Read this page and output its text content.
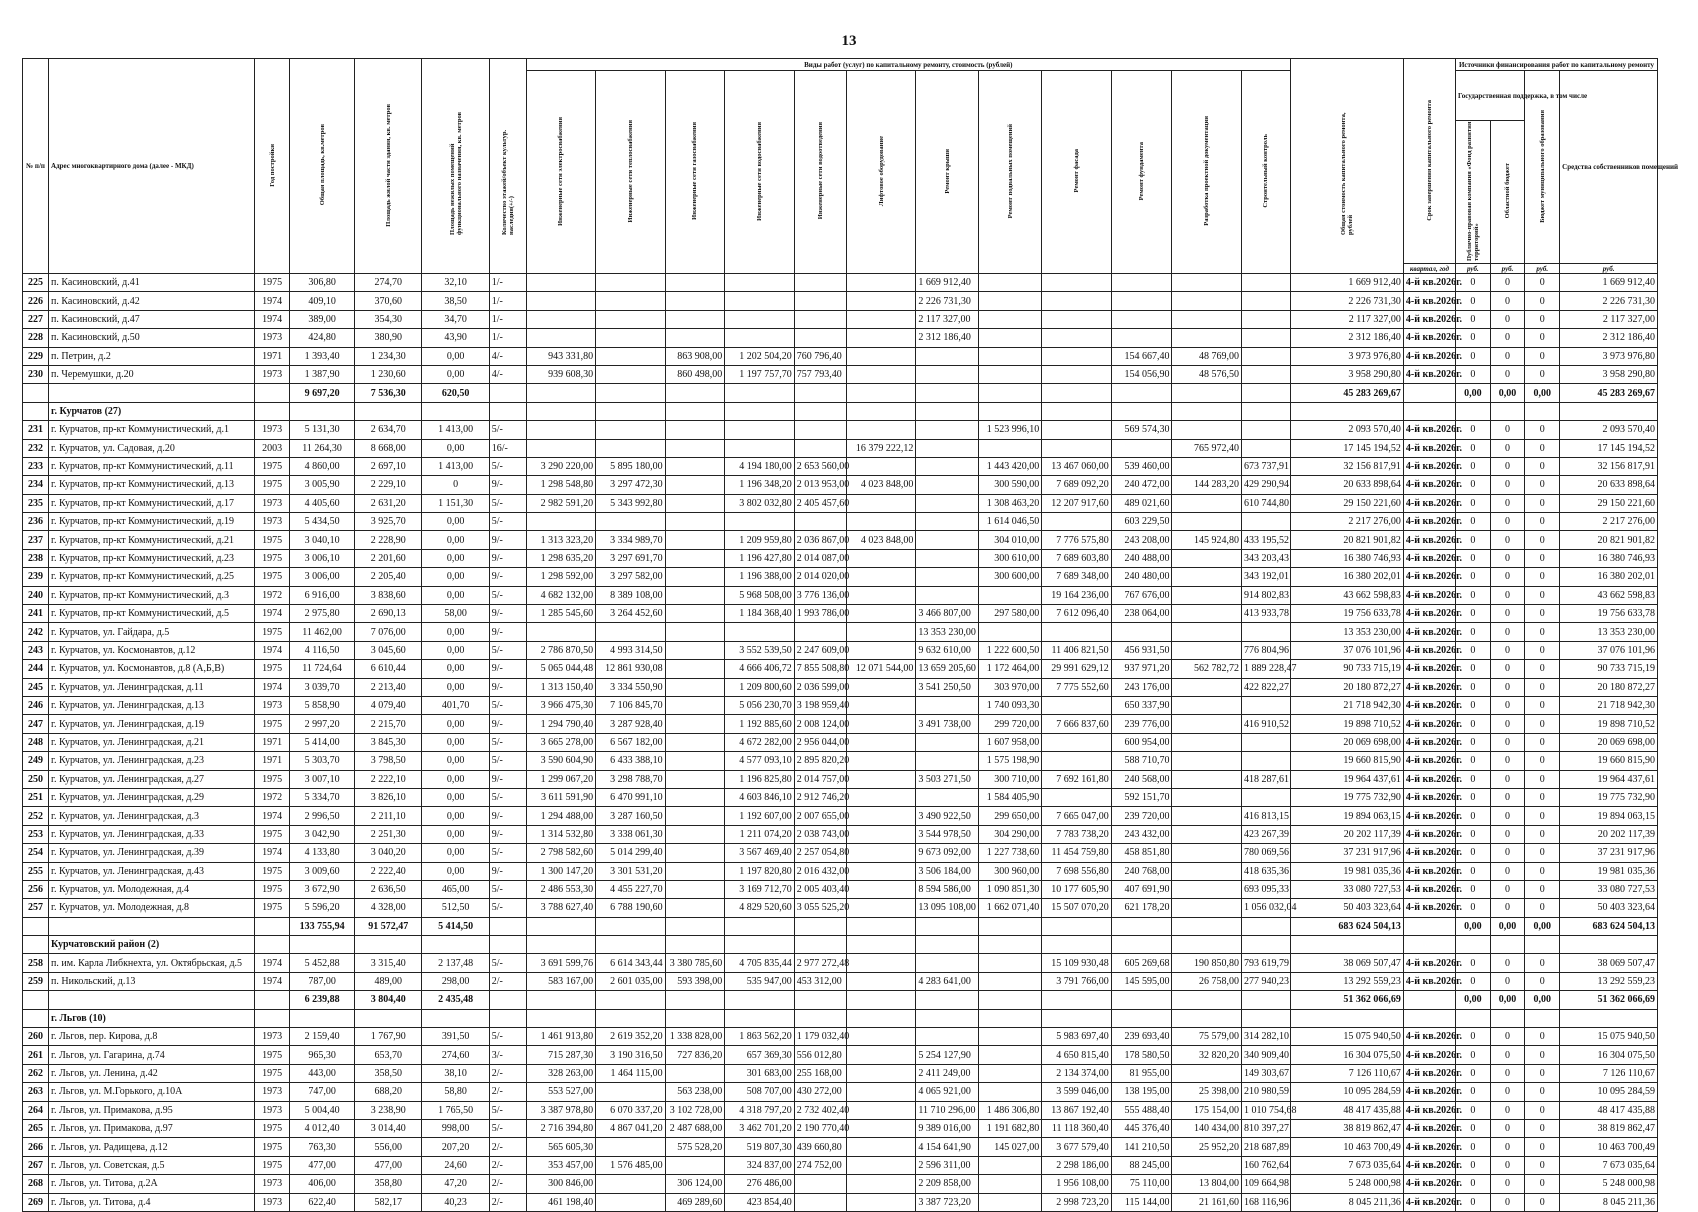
13
№ п/п	Адрес многоквартирного дома (далее - МКД)	Год постройки	Общая площадь, кв.метров	Площадь жилой части здания, кв. метров	Площадь нежилых помещений функционального назначения, кв. метров	Количество этажей/объект культур. наследия(+/-)	Виды работ (услуг) по капитальному ремонту, стоимость (рублей)												Общая стоимость капитального ремонта, рублей	Срок завершения капитального ремонта	Источники финансирования работ по капитальному ремонту			
							Инженерные сети электроснабжения	Инженерные сети теплоснабжения	Инженерные сети газоснабжения	Инженерные сети водоснабжения	Инженерные сети водоотведения	Лифтовое оборудование	Ремонт крыши	Ремонт подвальных помещений	Ремонт фасада	Ремонт фундамента	Разработка проектной документации	Строительный контроль			Государственная поддержка, в том числе		Бюджет муниципального образования	Средства собственников помещений
																					Публично-правовая компания «Фонд развития территорий»	Областной бюджет		
																				квартал, год	руб.	руб.	руб.	руб.
225	п. Касиновский, д.41	1975	306,80	274,70	32,10	1/-							1 669 912,40						1 669 912,40	4-й кв.2026г.	0	0	0	1 669 912,40
226	п. Касиновский, д.42	1974	409,10	370,60	38,50	1/-							2 226 731,30						2 226 731,30	4-й кв.2026г.	0	0	0	2 226 731,30
227	п. Касиновский, д.47	1974	389,00	354,30	34,70	1/-							2 117 327,00						2 117 327,00	4-й кв.2026г.	0	0	0	2 117 327,00
228	п. Касиновский, д.50	1973	424,80	380,90	43,90	1/-							2 312 186,40						2 312 186,40	4-й кв.2026г.	0	0	0	2 312 186,40
229	п. Петрин, д.2	1971	1 393,40	1 234,30	0,00	4/-	943 331,80		863 908,00	1 202 504,20	760 796,40					154 667,40	48 769,00		3 973 976,80	4-й кв.2026г.	0	0	0	3 973 976,80
230	п. Черемушки, д.20	1973	1 387,90	1 230,60	0,00	4/-	939 608,30		860 498,00	1 197 757,70	757 793,40					154 056,90	48 576,50		3 958 290,80	4-й кв.2026г.	0	0	0	3 958 290,80
			9 697,20	7 536,30	620,50														45 283 269,67		0,00	0,00	0,00	45 283 269,67
	г. Курчатов (27)																							
231	г. Курчатов, пр-кт Коммунистический, д.1	1973	5 131,30	2 634,70	1 413,00	5/-								1 523 996,10		569 574,30			2 093 570,40	4-й кв.2026г.	0	0	0	2 093 570,40
232	г. Курчатов, ул. Садовая, д.20	2003	11 264,30	8 668,00	0,00	16/-						16 379 222,12					765 972,40		17 145 194,52	4-й кв.2026г.	0	0	0	17 145 194,52
233	г. Курчатов, пр-кт Коммунистический, д.11	1975	4 860,00	2 697,10	1 413,00	5/-	3 290 220,00	5 895 180,00		4 194 180,00	2 653 560,00			1 443 420,00	13 467 060,00	539 460,00		673 737,91	32 156 817,91	4-й кв.2026г.	0	0	0	32 156 817,91
234	г. Курчатов, пр-кт Коммунистический, д.13	1975	3 005,90	2 229,10	0	9/-	1 298 548,80	3 297 472,30		1 196 348,20	2 013 953,00	4 023 848,00		300 590,00	7 689 092,20	240 472,00	144 283,20	429 290,94	20 633 898,64	4-й кв.2026г.	0	0	0	20 633 898,64
235	г. Курчатов, пр-кт Коммунистический, д.17	1973	4 405,60	2 631,20	1 151,30	5/-	2 982 591,20	5 343 992,80		3 802 032,80	2 405 457,60			1 308 463,20	12 207 917,60	489 021,60		610 744,80	29 150 221,60	4-й кв.2026г.	0	0	0	29 150 221,60
236	г. Курчатов, пр-кт Коммунистический, д.19	1973	5 434,50	3 925,70	0,00	5/-								1 614 046,50		603 229,50			2 217 276,00	4-й кв.2026г.	0	0	0	2 217 276,00
237	г. Курчатов, пр-кт Коммунистический, д.21	1975	3 040,10	2 228,90	0,00	9/-	1 313 323,20	3 334 989,70		1 209 959,80	2 036 867,00	4 023 848,00		304 010,00	7 776 575,80	243 208,00	145 924,80	433 195,52	20 821 901,82	4-й кв.2026г.	0	0	0	20 821 901,82
238	г. Курчатов, пр-кт Коммунистический, д.23	1975	3 006,10	2 201,60	0,00	9/-	1 298 635,20	3 297 691,70		1 196 427,80	2 014 087,00			300 610,00	7 689 603,80	240 488,00		343 203,43	16 380 746,93	4-й кв.2026г.	0	0	0	16 380 746,93
239	г. Курчатов, пр-кт Коммунистический, д.25	1975	3 006,00	2 205,40	0,00	9/-	1 298 592,00	3 297 582,00		1 196 388,00	2 014 020,00			300 600,00	7 689 348,00	240 480,00		343 192,01	16 380 202,01	4-й кв.2026г.	0	0	0	16 380 202,01
240	г. Курчатов, пр-кт Коммунистический, д.3	1972	6 916,00	3 838,60	0,00	5/-	4 682 132,00	8 389 108,00		5 968 508,00	3 776 136,00				19 164 236,00	767 676,00		914 802,83	43 662 598,83	4-й кв.2026г.	0	0	0	43 662 598,83
241	г. Курчатов, пр-кт Коммунистический, д.5	1974	2 975,80	2 690,13	58,00	9/-	1 285 545,60	3 264 452,60		1 184 368,40	1 993 786,00		3 466 807,00	297 580,00	7 612 096,40	238 064,00		413 933,78	19 756 633,78	4-й кв.2026г.	0	0	0	19 756 633,78
242	г. Курчатов, ул. Гайдара, д.5	1975	11 462,00	7 076,00	0,00	9/-							13 353 230,00						13 353 230,00	4-й кв.2026г.	0	0	0	13 353 230,00
243	г. Курчатов, ул. Космонавтов, д.12	1974	4 116,50	3 045,60	0,00	5/-	2 786 870,50	4 993 314,50		3 552 539,50	2 247 609,00		9 632 610,00	1 222 600,50	11 406 821,50	456 931,50		776 804,96	37 076 101,96	4-й кв.2026г.	0	0	0	37 076 101,96
244	г. Курчатов, ул. Космонавтов, д.8 (А,Б,В)	1975	11 724,64	6 610,44	0,00	9/-	5 065 044,48	12 861 930,08		4 666 406,72	7 855 508,80	12 071 544,00	13 659 205,60	1 172 464,00	29 991 629,12	937 971,20	562 782,72	1 889 228,47	90 733 715,19	4-й кв.2026г.	0	0	0	90 733 715,19
245	г. Курчатов, ул. Ленинградская, д.11	1974	3 039,70	2 213,40	0,00	9/-	1 313 150,40	3 334 550,90		1 209 800,60	2 036 599,00		3 541 250,50	303 970,00	7 775 552,60	243 176,00		422 822,27	20 180 872,27	4-й кв.2026г.	0	0	0	20 180 872,27
246	г. Курчатов, ул. Ленинградская, д.13	1973	5 858,90	4 079,40	401,70	5/-	3 966 475,30	7 106 845,70		5 056 230,70	3 198 959,40			1 740 093,30		650 337,90			21 718 942,30	4-й кв.2026г.	0	0	0	21 718 942,30
247	г. Курчатов, ул. Ленинградская, д.19	1975	2 997,20	2 215,70	0,00	9/-	1 294 790,40	3 287 928,40		1 192 885,60	2 008 124,00		3 491 738,00	299 720,00	7 666 837,60	239 776,00		416 910,52	19 898 710,52	4-й кв.2026г.	0	0	0	19 898 710,52
248	г. Курчатов, ул. Ленинградская, д.21	1971	5 414,00	3 845,30	0,00	5/-	3 665 278,00	6 567 182,00		4 672 282,00	2 956 044,00			1 607 958,00		600 954,00			20 069 698,00	4-й кв.2026г.	0	0	0	20 069 698,00
249	г. Курчатов, ул. Ленинградская, д.23	1971	5 303,70	3 798,50	0,00	5/-	3 590 604,90	6 433 388,10		4 577 093,10	2 895 820,20			1 575 198,90		588 710,70			19 660 815,90	4-й кв.2026г.	0	0	0	19 660 815,90
250	г. Курчатов, ул. Ленинградская, д.27	1975	3 007,10	2 222,10	0,00	9/-	1 299 067,20	3 298 788,70		1 196 825,80	2 014 757,00		3 503 271,50	300 710,00	7 692 161,80	240 568,00		418 287,61	19 964 437,61	4-й кв.2026г.	0	0	0	19 964 437,61
251	г. Курчатов, ул. Ленинградская, д.29	1972	5 334,70	3 826,10	0,00	5/-	3 611 591,90	6 470 991,10		4 603 846,10	2 912 746,20			1 584 405,90		592 151,70			19 775 732,90	4-й кв.2026г.	0	0	0	19 775 732,90
252	г. Курчатов, ул. Ленинградская, д.3	1974	2 996,50	2 211,10	0,00	9/-	1 294 488,00	3 287 160,50		1 192 607,00	2 007 655,00		3 490 922,50	299 650,00	7 665 047,00	239 720,00		416 813,15	19 894 063,15	4-й кв.2026г.	0	0	0	19 894 063,15
253	г. Курчатов, ул. Ленинградская, д.33	1975	3 042,90	2 251,30	0,00	9/-	1 314 532,80	3 338 061,30		1 211 074,20	2 038 743,00		3 544 978,50	304 290,00	7 783 738,20	243 432,00		423 267,39	20 202 117,39	4-й кв.2026г.	0	0	0	20 202 117,39
254	г. Курчатов, ул. Ленинградская, д.39	1974	4 133,80	3 040,20	0,00	5/-	2 798 582,60	5 014 299,40		3 567 469,40	2 257 054,80		9 673 092,00	1 227 738,60	11 454 759,80	458 851,80		780 069,56	37 231 917,96	4-й кв.2026г.	0	0	0	37 231 917,96
255	г. Курчатов, ул. Ленинградская, д.43	1975	3 009,60	2 222,40	0,00	9/-	1 300 147,20	3 301 531,20		1 197 820,80	2 016 432,00		3 506 184,00	300 960,00	7 698 556,80	240 768,00		418 635,36	19 981 035,36	4-й кв.2026г.	0	0	0	19 981 035,36
256	г. Курчатов, ул. Молодежная, д.4	1975	3 672,90	2 636,50	465,00	5/-	2 486 553,30	4 455 227,70		3 169 712,70	2 005 403,40		8 594 586,00	1 090 851,30	10 177 605,90	407 691,90		693 095,33	33 080 727,53	4-й кв.2026г.	0	0	0	33 080 727,53
257	г. Курчатов, ул. Молодежная, д.8	1975	5 596,20	4 328,00	512,50	5/-	3 788 627,40	6 788 190,60		4 829 520,60	3 055 525,20		13 095 108,00	1 662 071,40	15 507 070,20	621 178,20		1 056 032,04	50 403 323,64	4-й кв.2026г.	0	0	0	50 403 323,64
			133 755,94	91 572,47	5 414,50														683 624 504,13		0,00	0,00	0,00	683 624 504,13
	Курчатовский район (2)																							
258	п. им. Карла Либкнехта, ул. Октябрьская, д.5	1974	5 452,88	3 315,40	2 137,48	5/-	3 691 599,76	6 614 343,44	3 380 785,60	4 705 835,44	2 977 272,48				15 109 930,48	605 269,68	190 850,80	793 619,79	38 069 507,47	4-й кв.2026г.	0	0	0	38 069 507,47
259	п. Никольский, д.13	1974	787,00	489,00	298,00	2/-	583 167,00	2 601 035,00	593 398,00	535 947,00	453 312,00		4 283 641,00		3 791 766,00	145 595,00	26 758,00	277 940,23	13 292 559,23	4-й кв.2026г.	0	0	0	13 292 559,23
			6 239,88	3 804,40	2 435,48														51 362 066,69		0,00	0,00	0,00	51 362 066,69
	г. Льгов (10)																							
260	г. Льгов, пер. Кирова, д.8	1973	2 159,40	1 767,90	391,50	5/-	1 461 913,80	2 619 352,20	1 338 828,00	1 863 562,20	1 179 032,40				5 983 697,40	239 693,40	75 579,00	314 282,10	15 075 940,50	4-й кв.2026г.	0	0	0	15 075 940,50
261	г. Льгов, ул. Гагарина, д.74	1975	965,30	653,70	274,60	3/-	715 287,30	3 190 316,50	727 836,20	657 369,30	556 012,80		5 254 127,90		4 650 815,40	178 580,50	32 820,20	340 909,40	16 304 075,50	4-й кв.2026г.	0	0	0	16 304 075,50
262	г. Льгов, ул. Ленина, д.42	1975	443,00	358,50	38,10	2/-	328 263,00	1 464 115,00		301 683,00	255 168,00		2 411 249,00		2 134 374,00	81 955,00		149 303,67	7 126 110,67	4-й кв.2026г.	0	0	0	7 126 110,67
263	г. Льгов, ул. М.Горького, д.10А	1973	747,00	688,20	58,80	2/-	553 527,00		563 238,00	508 707,00	430 272,00		4 065 921,00		3 599 046,00	138 195,00	25 398,00	210 980,59	10 095 284,59	4-й кв.2026г.	0	0	0	10 095 284,59
264	г. Льгов, ул. Примакова, д.95	1973	5 004,40	3 238,90	1 765,50	5/-	3 387 978,80	6 070 337,20	3 102 728,00	4 318 797,20	2 732 402,40		11 710 296,00	1 486 306,80	13 867 192,40	555 488,40	175 154,00	1 010 754,68	48 417 435,88	4-й кв.2026г.	0	0	0	48 417 435,88
265	г. Льгов, ул. Примакова, д.97	1975	4 012,40	3 014,40	998,00	5/-	2 716 394,80	4 867 041,20	2 487 688,00	3 462 701,20	2 190 770,40		9 389 016,00	1 191 682,80	11 118 360,40	445 376,40	140 434,00	810 397,27	38 819 862,47	4-й кв.2026г.	0	0	0	38 819 862,47
266	г. Льгов, ул. Радищева, д.12	1975	763,30	556,00	207,20	2/-	565 605,30		575 528,20	519 807,30	439 660,80		4 154 641,90	145 027,00	3 677 579,40	141 210,50	25 952,20	218 687,89	10 463 700,49	4-й кв.2026г.	0	0	0	10 463 700,49
267	г. Льгов, ул. Советская, д.5	1975	477,00	477,00	24,60	2/-	353 457,00	1 576 485,00		324 837,00	274 752,00		2 596 311,00		2 298 186,00	88 245,00		160 762,64	7 673 035,64	4-й кв.2026г.	0	0	0	7 673 035,64
268	г. Льгов, ул. Титова, д.2А	1973	406,00	358,80	47,20	2/-	300 846,00		306 124,00	276 486,00			2 209 858,00		1 956 108,00	75 110,00	13 804,00	109 664,98	5 248 000,98	4-й кв.2026г.	0	0	0	5 248 000,98
269	г. Льгов, ул. Титова, д.4	1973	622,40	582,17	40,23	2/-	461 198,40		469 289,60	423 854,40			3 387 723,20		2 998 723,20	115 144,00	21 161,60	168 116,96	8 045 211,36	4-й кв.2026г.	0	0	0	8 045 211,36
